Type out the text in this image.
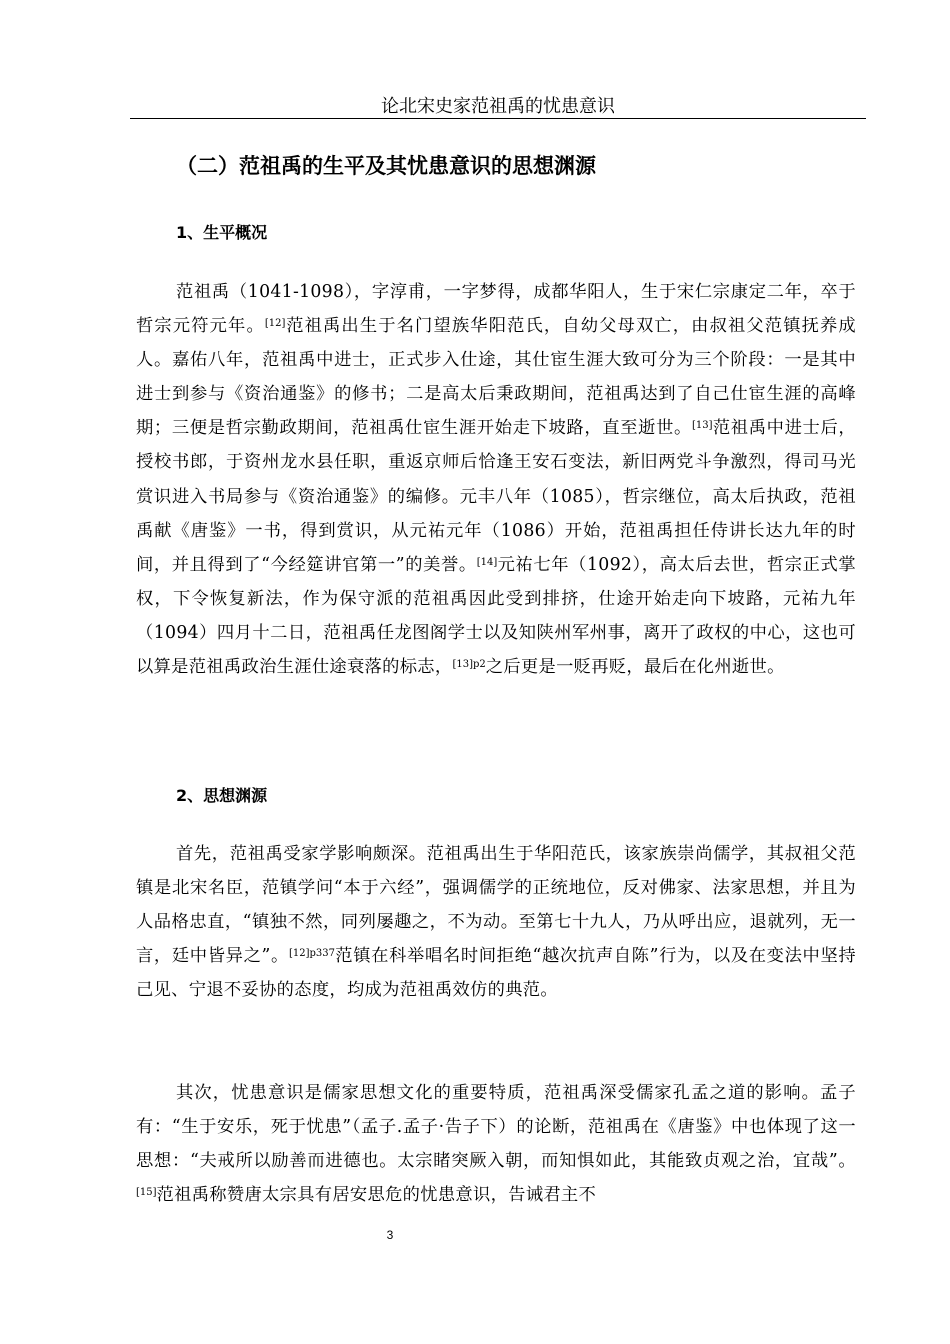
论北宋史家范祖禹的忧患意识
（二）范祖禹的生平及其忧患意识的思想渊源
1、生平概况

范祖禹（1041-1098），字淳甫，一字梦得，成都华阳人，生于宋仁宗康定二年，卒于哲宗元符元年。[12]范祖禹出生于名门望族华阳范氏，自幼父母双亡，由叔祖父范镇抚养成人。嘉佑八年，范祖禹中进士，正式步入仕途，其仕宦生涯大致可分为三个阶段：一是其中进士到参与《资治通鉴》的修书；二是高太后秉政期间，范祖禹达到了自己仕宦生涯的高峰期；三便是哲宗勤政期间，范祖禹仕宦生涯开始走下坡路，直至逝世。[13]范祖禹中进士后，授校书郎，于资州龙水县任职，重返京师后恰逢王安石变法，新旧两党斗争激烈，得司马光赏识进入书局参与《资治通鉴》的编修。元丰八年（1085），哲宗继位，高太后执政，范祖禹献《唐鉴》一书，得到赏识，从元祐元年（1086）开始，范祖禹担任侍讲长达九年的时间，并且得到了“今经筵讲官第一”的美誉。[14]元祐七年（1092），高太后去世，哲宗正式掌权，下令恢复新法，作为保守派的范祖禹因此受到排挤，仕途开始走向下坡路，元祐九年（1094）四月十二日，范祖禹任龙图阁学士以及知陕州军州事，离开了政权的中心，这也可以算是范祖禹政治生涯仕途衰落的标志，$^{[13]p2}$之后更是一贬再贬，最后在化州逝世。

2、思想渊源

首先，范祖禹受家学影响颇深。范祖禹出生于华阳范氏，该家族崇尚儒学，其叔祖父范镇是北宋名臣，范镇学问“本于六经”，强调儒学的正统地位，反对佛家、法家思想，并且为人品格忠直，“镇独不然，同列屡趣之，不为动。至第七十九人，乃从呼出应，退就列，无一言，廷中皆异之”。$^{[12]p337}$范镇在科举唱名时间拒绝“越次抗声自陈”行为，以及在变法中坚持己见、宁退不妥协的态度，均成为范祖禹效仿的典范。

其次，忧患意识是儒家思想文化的重要特质，范祖禹深受儒家孔孟之道的影响。孟子有：“生于安乐，死于忧患”（孟子.孟子·告子下）的论断，范祖禹在《唐鉴》中也体现了这一思想：“夫戒所以励善而进德也。太宗睹突厥入朝，而知惧如此，其能致贞观之治，宜哉”。[15]范祖禹称赞唐太宗具有居安思危的忧患意识，告诫君主不

3
